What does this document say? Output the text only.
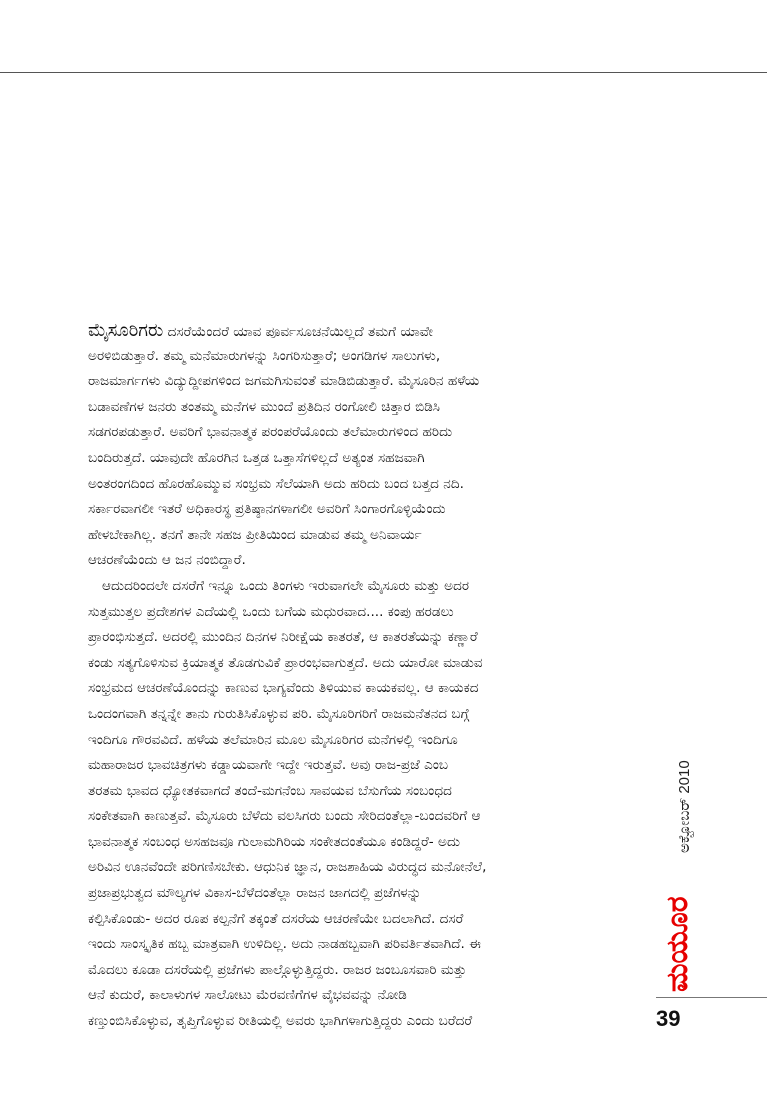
ಮೈಸೂರಿಗರು ದಸರೆಯೆಂದರೆ ಯಾವ ಪೂರ್ವಸೂಚನೆಯಿಲ್ಲದೆ ತಮಗೆ ಯಾವೇ
ಅರಳಿಬಿಡುತ್ತಾರೆ. ತಮ್ಮ ಮನೆಮಾರುಗಳನ್ನು ಸಿಂಗರಿಸುತ್ತಾರೆ; ಅಂಗಡಿಗಳ ಸಾಲುಗಳು,
ರಾಜಮಾರ್ಗಗಳು ವಿದ್ಯುದ್ದೀಪಗಳಿಂದ ಜಗಮಗಿಸುವಂತೆ ಮಾಡಿಬಿಡುತ್ತಾರೆ. ಮೈಸೂರಿನ ಹಳೆಯ
ಬಡಾವಣೆಗಳ ಜನರು ತಂತಮ್ಮ ಮನೆಗಳ ಮುಂದೆ ಪ್ರತಿದಿನ ರಂಗೋಲಿ ಚಿತ್ತಾರ ಬಿಡಿಸಿ
ಸಡಗರಪಡುತ್ತಾರೆ. ಅವರಿಗೆ ಭಾವನಾತ್ಮಕ ಪರಂಪರೆಯೊಂದು ತಲೆಮಾರುಗಳಿಂದ ಹರಿದು
ಬಂದಿರುತ್ತದೆ. ಯಾವುದೇ ಹೊರಗಿನ ಒತ್ತಡ ಒತ್ತಾಸೆಗಳಿಲ್ಲದೆ ಅತ್ಯಂತ ಸಹಜವಾಗಿ
ಅಂತರಂಗದಿಂದ ಹೊರಹೊಮ್ಮುವ ಸಂಭ್ರಮ ಸೆಲೆಯಾಗಿ ಅದು ಹರಿದು ಬಂದ ಬತ್ತದ ನದಿ.
ಸರ್ಕಾರವಾಗಲೀ ಇತರೆ ಅಧಿಕಾರಸ್ಥ ಪ್ರತಿಷ್ಠಾನಗಳಾಗಲೀ ಅವರಿಗೆ ಸಿಂಗಾರಗೊಳ್ಳಿಯೆಂದು
ಹೇಳಬೇಕಾಗಿಲ್ಲ. ತನಗೆ ತಾನೇ ಸಹಜ ಪ್ರೀತಿಯಿಂದ ಮಾಡುವ ತಮ್ಮ ಅನಿವಾರ್ಯ
ಆಚರಣೆಯೆಂದು ಆ ಜನ ನಂಬಿದ್ದಾರೆ.
ಆದುದರಿಂದಲೇ ದಸರೆಗೆ ಇನ್ನೂ ಒಂದು ತಿಂಗಳು ಇರುವಾಗಲೇ ಮೈಸೂರು ಮತ್ತು ಅದರ
ಸುತ್ತಮುತ್ತಲ ಪ್ರದೇಶಗಳ ಎದೆಯಲ್ಲಿ ಒಂದು ಬಗೆಯ ಮಧುರವಾದ.... ಕಂಪು ಹರಡಲು
ಪ್ರಾರಂಭಿಸುತ್ತದೆ. ಅದರಲ್ಲಿ ಮುಂದಿನ ದಿನಗಳ ನಿರೀಕ್ಷೆಯ ಕಾತರತೆ, ಆ ಕಾತರತೆಯನ್ನು ಕಣ್ಣಾರೆ
ಕಂಡು ಸತ್ಯಗೊಳಿಸುವ ಕ್ರಿಯಾತ್ಮಕ ತೊಡಗುವಿಕೆ ಪ್ರಾರಂಭವಾಗುತ್ತದೆ. ಅದು ಯಾರೋ ಮಾಡುವ
ಸಂಭ್ರಮದ ಆಚರಣೆಯೊಂದನ್ನು ಕಾಣುವ ಭಾಗ್ಯವೆಂದು ತಿಳಿಯುವ ಕಾಯಕವಲ್ಲ. ಆ ಕಾಯಕದ
ಒಂದಂಗವಾಗಿ ತನ್ನನ್ನೇ ತಾನು ಗುರುತಿಸಿಕೊಳ್ಳುವ ಪರಿ. ಮೈಸೂರಿಗರಿಗೆ ರಾಜಮನೆತನದ ಬಗ್ಗೆ
ಇಂದಿಗೂ ಗೌರವವಿದೆ. ಹಳೆಯ ತಲೆಮಾರಿನ ಮೂಲ ಮೈಸೂರಿಗರ ಮನೆಗಳಲ್ಲಿ ಇಂದಿಗೂ
ಮಹಾರಾಜರ ಭಾವಚಿತ್ರಗಳು ಕಡ್ಡಾಯವಾಗೇ ಇದ್ದೇ ಇರುತ್ತವೆ. ಅವು ರಾಜ-ಪ್ರಜೆ ಎಂಬ
ತರತಮ ಭಾವದ ಧ್ಯೋತಕವಾಗದೆ ತಂದೆ-ಮಗನೆಂಬ ಸಾವಯವ ಬೆಸುಗೆಯ ಸಂಬಂಧದ
ಸಂಕೇತವಾಗಿ ಕಾಣುತ್ತವೆ. ಮೈಸೂರು ಬೆಳೆದು ವಲಸಿಗರು ಬಂದು ಸೇರಿದಂತೆಲ್ಲಾ-ಬಂದವರಿಗೆ ಆ
ಭಾವನಾತ್ಮಕ ಸಂಬಂಧ ಅಸಹಜವೂ ಗುಲಾಮಗಿರಿಯ ಸಂಕೇತದಂತೆಯೂ ಕಂಡಿದ್ದರೆ- ಅದು
ಅರಿವಿನ ಊನವೆಂದೇ ಪರಿಗಣಿಸಬೇಕು. ಆಧುನಿಕ ಜ್ಞಾನ, ರಾಜಶಾಹಿಯ ವಿರುದ್ಧದ ಮನೋನೆಲೆ,
ಪ್ರಜಾಪ್ರಭುತ್ವದ ಮೌಲ್ಯಗಳ ವಿಕಾಸ-ಬೆಳೆದಂತೆಲ್ಲಾ ರಾಜನ ಜಾಗದಲ್ಲಿ ಪ್ರಜೆಗಳನ್ನು
ಕಲ್ಪಿಸಿಕೊಂಡು- ಅದರ ರೂಪ ಕಲ್ಪನೆಗೆ ತಕ್ಕಂತೆ ದಸರೆಯ ಆಚರಣೆಯೇ ಬದಲಾಗಿದೆ. ದಸರೆ
ಇಂದು ಸಾಂಸ್ಕೃತಿಕ ಹಬ್ಬ ಮಾತ್ರವಾಗಿ ಉಳಿದಿಲ್ಲ. ಅದು ನಾಡಹಬ್ಬವಾಗಿ ಪರಿವರ್ತಿತವಾಗಿದೆ. ಈ
ಮೊದಲು ಕೂಡಾ ದಸರೆಯಲ್ಲಿ ಪ್ರಜೆಗಳು ಪಾಲ್ಗೊಳ್ಳುತ್ತಿದ್ದರು. ರಾಜರ ಜಂಬೂಸವಾರಿ ಮತ್ತು
ಆನೆ ಕುದುರೆ, ಕಾಲಾಳುಗಳ ಸಾಲೋಟು ಮೆರವಣಿಗೆಗಳ ವೈಭವವನ್ನು ನೋಡಿ
ಕಣ್ತುಂಬಿಸಿಕೊಳ್ಳುವ, ತೃಪ್ತಿಗೊಳ್ಳುವ ರೀತಿಯಲ್ಲಿ ಅವರು ಭಾಗಿಗಳಾಗುತ್ತಿದ್ದರು ಎಂದು ಬರೆದರೆ
ಅಕ್ಟೋಬರ್ 2010
ಮಯೂರ
39
